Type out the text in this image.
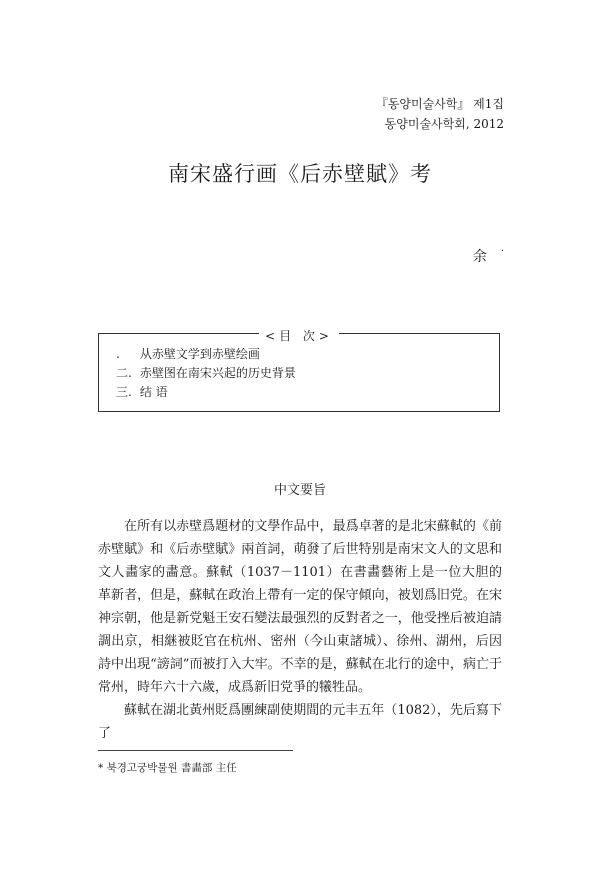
『동양미술사학』 제1집
동양미술사학회, 2012
南宋盛行画《后赤壁賦》考
余 ·
<目 次>
. 从赤壁文学到赤壁绘画
二. 赤壁图在南宋兴起的历史背景
三. 结 语
中文要旨

在所有以赤壁爲題材的文學作品中，最爲卓著的是北宋蘇軾的《前赤壁賦》和《后赤壁賦》兩首詞，萌發了后世特别是南宋文人的文思和文人畵家的畵意。蘇軾（1037－1101）在書畵藝術上是一位大胆的革新者，但是，蘇軾在政治上帶有一定的保守傾向，被划爲旧党。在宋神宗朝，他是新党魁王安石變法最强烈的反對者之一，他受挫后被迫請調出京，相継被貶官在杭州、密州（今山東諸城）、徐州、湖州，后因詩中出現“謗詞”而被打入大牢。不幸的是，蘇軾在北行的途中，病亡于常州，時年六十六歲，成爲新旧党爭的犧牲品。

蘇軾在湖北黃州貶爲團練副使期間的元丰五年（1082），先后寫下了

* 북경고궁박물원 書畵部 主任
